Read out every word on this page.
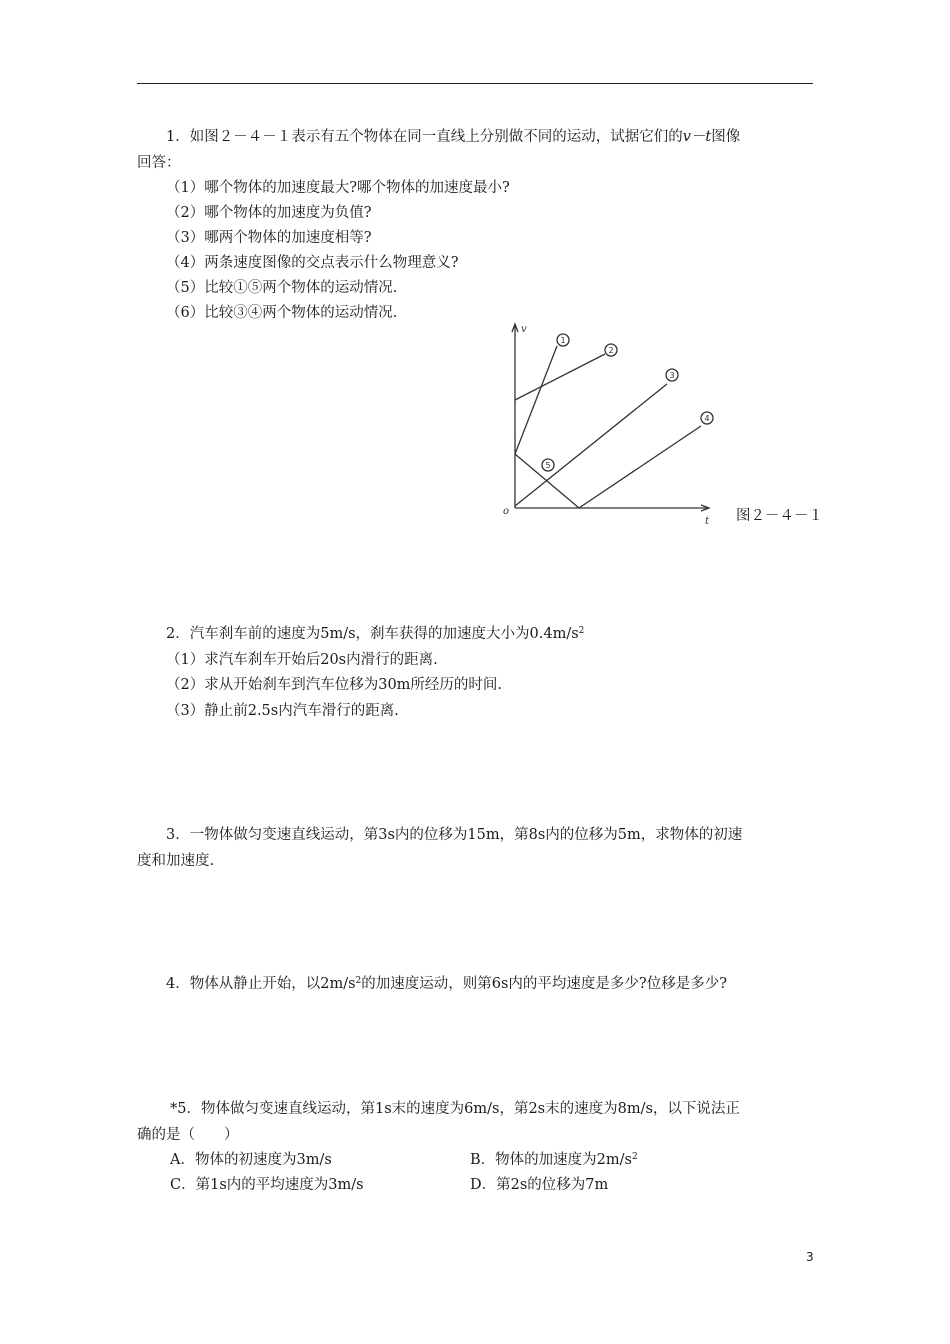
1．如图２－４－１表示有五个物体在同一直线上分别做不同的运动，试据它们的v－t图像
回答：
（1）哪个物体的加速度最大?哪个物体的加速度最小?
（2）哪个物体的加速度为负值?
（3）哪两个物体的加速度相等?
（4）两条速度图像的交点表示什么物理意义?
（5）比较①⑤两个物体的运动情况.
（6）比较③④两个物体的运动情况.
1
2
3
4
5
v
t
o	图２－４－１
2．汽车刹车前的速度为5m/s，刹车获得的加速度大小为$0.4m/s^2$
（1）求汽车刹车开始后20s内滑行的距离.
（2）求从开始刹车到汽车位移为30m所经历的时间.
（3）静止前2.5s内汽车滑行的距离.
3．一物体做匀变速直线运动，第3s内的位移为15m，第8s内的位移为5m，求物体的初速
度和加速度.
4．物体从静止开始，以$2m/s^2$的加速度运动，则第6s内的平均速度是多少?位移是多少?
*5．物体做匀变速直线运动，第1s末的速度为6m/s，第2s末的速度为8m/s，以下说法正
确的是（　　）
A．物体的初速度为3m/s	B．物体的加速度为$2m/s^2$
C．第1s内的平均速度为3m/s	D．第2s的位移为7m
3
